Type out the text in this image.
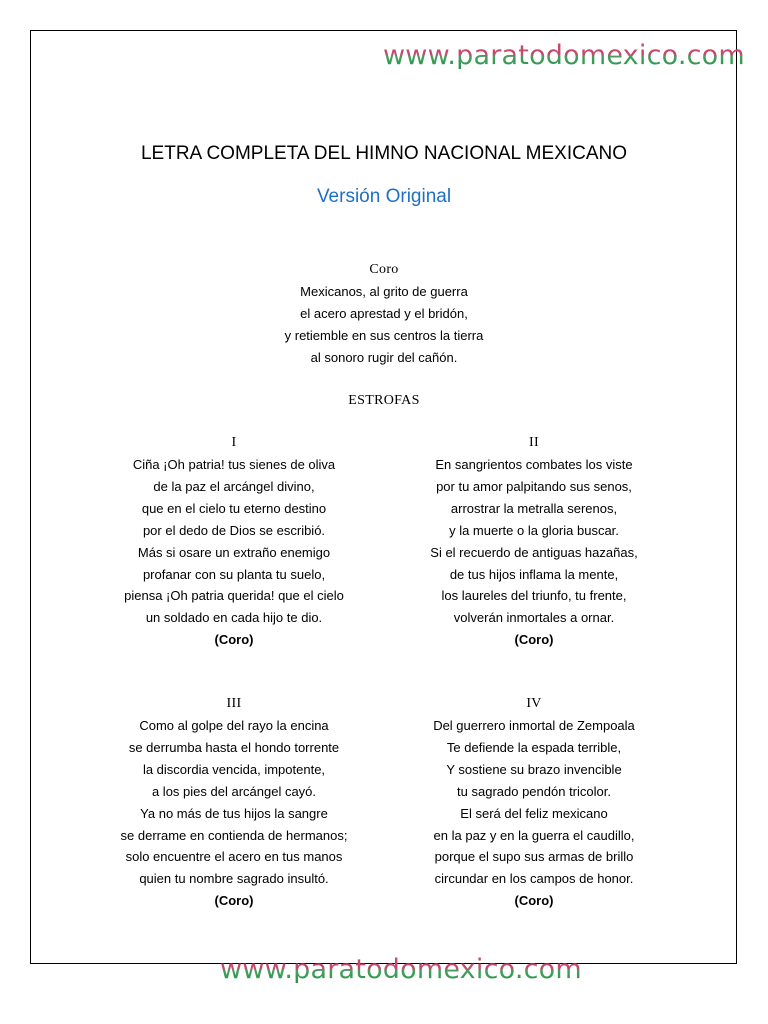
www.paratodomexico.com
LETRA COMPLETA DEL HIMNO NACIONAL MEXICANO
Versión Original
Coro
Mexicanos, al grito de guerra
el acero aprestad y el bridón,
y retiemble en sus centros la tierra
al sonoro rugir del cañón.
ESTROFAS
I
Ciña ¡Oh patria! tus sienes de oliva
de la paz el arcángel divino,
que en el cielo tu eterno destino
por el dedo de Dios se escribió.
Más si osare un extraño enemigo
profanar con su planta tu suelo,
piensa ¡Oh patria querida! que el cielo
un soldado en cada hijo te dio.
(Coro)
II
En sangrientos combates los viste
por tu amor palpitando sus senos,
arrostrar la metralla serenos,
y la muerte o la gloria buscar.
Si el recuerdo de antiguas hazañas,
de tus hijos inflama la mente,
los laureles del triunfo, tu frente,
volverán inmortales a ornar.
(Coro)
III
Como al golpe del rayo la encina
se derrumba hasta el hondo torrente
la discordia vencida, impotente,
a los pies del arcángel cayó.
Ya no más de tus hijos la sangre
se derrame en contienda de hermanos;
solo encuentre el acero en tus manos
quien tu nombre sagrado insultó.
(Coro)
IV
Del guerrero inmortal de Zempoala
Te defiende la espada terrible,
Y sostiene su brazo invencible
tu sagrado pendón tricolor.
El será del feliz mexicano
en la paz y en la guerra el caudillo,
porque el supo sus armas de brillo
circundar en los campos de honor.
(Coro)
www.paratodomexico.com
